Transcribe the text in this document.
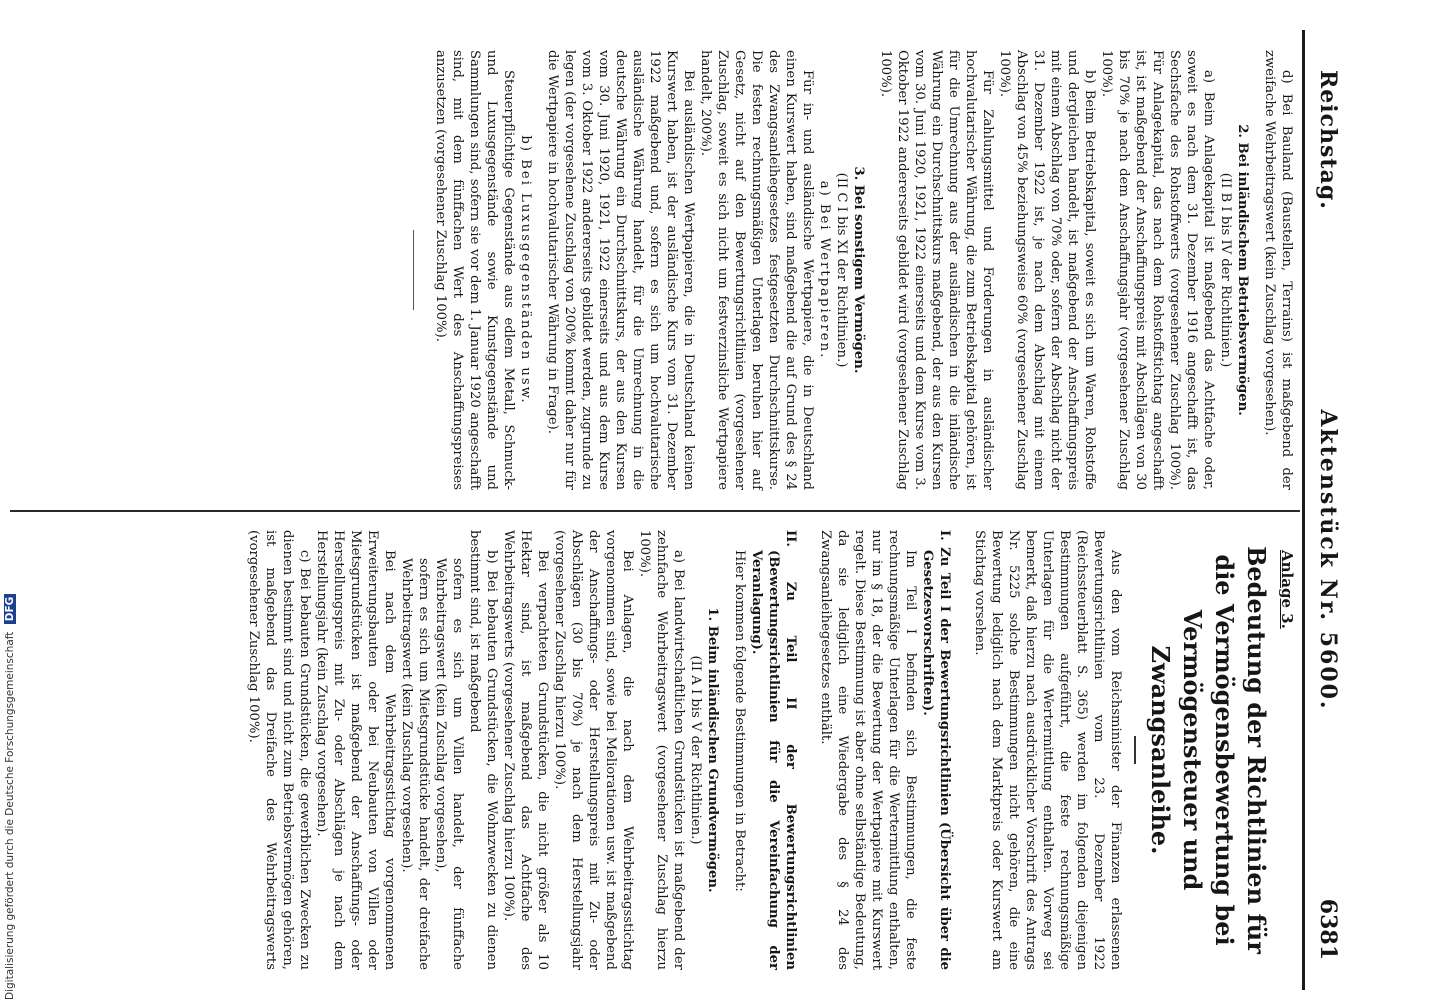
Reichstag.
Aktenstück Nr. 5600.
6381

d) Bei Bauland (Baustellen, Terrains) ist maßgebend der zweifache Wehrbeitragswert (kein Zuschlag vorgesehen).

2. Bei inländischem Betriebsvermögen.

(II B I bis IV der Richtlinien.)

a) Beim Anlagekapital ist maßgebend das Achtfache oder, soweit es nach dem 31. Dezember 1916 angeschafft ist, das Sechsfache des Rohstoffwerts (vorgesehener Zuschlag 100%). Für Anlagekapital, das nach dem Rohstoffstichtag angeschafft ist, ist maßgebend der Anschaffungspreis mit Abschlägen von 30 bis 70% je nach dem Anschaffungsjahr (vorgesehener Zuschlag 100%).

b) Beim Betriebskapital, soweit es sich um Waren, Rohstoffe und dergleichen handelt, ist maßgebend der Anschaffungspreis mit einem Abschlag von 70% oder, sofern der Abschlag nicht der 31. Dezember 1922 ist, je nach dem Abschlag mit einem Abschlag von 45% beziehungsweise 60% (vorgesehener Zuschlag 100%).

Für Zahlungsmittel und Forderungen in ausländischer hochvalutarischer Währung, die zum Betriebskapital gehören, ist für die Umrechnung aus der ausländischen in die inländische Währung ein Durchschnittskurs maßgebend, der aus den Kursen vom 30. Juni 1920, 1921, 1922 einerseits und dem Kurse vom 3. Oktober 1922 andererseits gebildet wird (vorgesehener Zuschlag 100%).

3. Bei sonstigem Vermögen.

(II C I bis XI der Richtlinien.)

a) Bei Wertpapieren.

Für in- und ausländische Wertpapiere, die in Deutschland einen Kurswert haben, sind maßgebend die auf Grund des § 24 des Zwangsanleihegesetzes festgesetzten Durchschnittskurse. Die festen rechnungsmäßigen Unterlagen beruhen hier auf Gesetz, nicht auf den Bewertungsrichtlinien (vorgesehener Zuschlag, soweit es sich nicht um festverzinsliche Wertpapiere handelt, 200%).

Bei ausländischen Wertpapieren, die in Deutschland keinen Kurswert haben, ist der ausländische Kurs vom 31. Dezember 1922 maßgebend und, sofern es sich um hochvalutarische ausländische Währung handelt, für die Umrechnung in die deutsche Währung ein Durchschnittskurs, der aus den Kursen vom 30. Juni 1920, 1921, 1922 einerseits und aus dem Kurse vom 3. Oktober 1922 andererseits gebildet werden, zugrunde zu legen (der vorgesehene Zuschlag von 200% kommt daher nur für die Wertpapiere in hochvalutarischer Währung in Frage).

b) Bei Luxusgegenständen usw.

Steuerpflichtige Gegenstände aus edlem Metall, Schmuck- und Luxusgegenstände sowie Kunstgegenstände und Sammlungen sind, sofern sie vor dem 1. Januar 1920 angeschafft sind, mit dem fünffachen Wert des Anschaffungspreises anzusetzen (vorgesehener Zuschlag 100%).

Anlage 3.

Bedeutung der Richtlinien für die Vermögensbewertung bei Vermögensteuer und Zwangsanleihe.

Aus den vom Reichsminister der Finanzen erlassenen Bewertungsrichtlinien vom 23. Dezember 1922 (Reichssteuerblatt S. 365) werden im folgenden diejenigen Bestimmungen aufgeführt, die feste rechnungsmäßige Unterlagen für die Wertermittlung enthalten. Vorweg sei bemerkt, daß hierzu nach ausdrücklicher Vorschrift des Antrags Nr. 5225 solche Bestimmungen nicht gehören, die eine Bewertung lediglich nach dem Marktpreis oder Kurswert am Stichtag vorsehen.

I. Zu Teil I der Bewertungsrichtlinien (Übersicht über die Gesetzesvorschriften).

Im Teil I befinden sich Bestimmungen, die feste rechnungsmäßige Unterlagen für die Wertermittlung enthalten, nur im § 18, der die Bewertung der Wertpapiere mit Kurswert regelt. Diese Bestimmung ist aber ohne selbständige Bedeutung, da sie lediglich eine Wiedergabe des § 24 des Zwangsanleihegesetzes enthält.

II. Zu Teil II der Bewertungsrichtlinien (Bewertungsrichtlinien für die Vereinfachung der Veranlagung).

Hier kommen folgende Bestimmungen in Betracht:

1. Beim inländischen Grundvermögen.

(II A I bis V der Richtlinien.)

a) Bei landwirtschaftlichen Grundstücken ist maßgebend der zehnfache Wehrbeitragswert (vorgesehener Zuschlag hierzu 100%).

Bei Anlagen, die nach dem Wehrbeitragsstichtag vorgenommen sind, sowie bei Meliorationen usw. ist maßgebend der Anschaffungs- oder Herstellungspreis mit Zu- oder Abschlägen (30 bis 70%) je nach dem Herstellungsjahr (vorgesehener Zuschlag hierzu 100%).

Bei verpachteten Grundstücken, die nicht größer als 10 Hektar sind, ist maßgebend das Achtfache des Wehrbeitragswerts (vorgesehener Zuschlag hierzu 100%).

b) Bei bebauten Grundstücken, die Wohnzwecken zu dienen bestimmt sind, ist maßgebend

sofern es sich um Villen handelt, der fünffache Wehrbeitragswert (kein Zuschlag vorgesehen),

sofern es sich um Mietsgrundstücke handelt, der dreifache Wehrbeitragswert (kein Zuschlag vorgesehen).

Bei nach dem Wehrbeitragsstichtag vorgenommenen Erweiterungsbauten oder bei Neubauten von Villen oder Mietsgrundstücken ist maßgebend der Anschaffungs- oder Herstellungspreis mit Zu- oder Abschlägen je nach dem Herstellungsjahr (kein Zuschlag vorgesehen).

c) Bei bebauten Grundstücken, die gewerblichen Zwecken zu dienen bestimmt sind und nicht zum Betriebsvermögen gehören, ist maßgebend das Dreifache des Wehrbeitragswerts (vorgesehener Zuschlag 100%).

Digitalisierung gefördert durch die Deutsche Forschungsgemeinschaft DFG
